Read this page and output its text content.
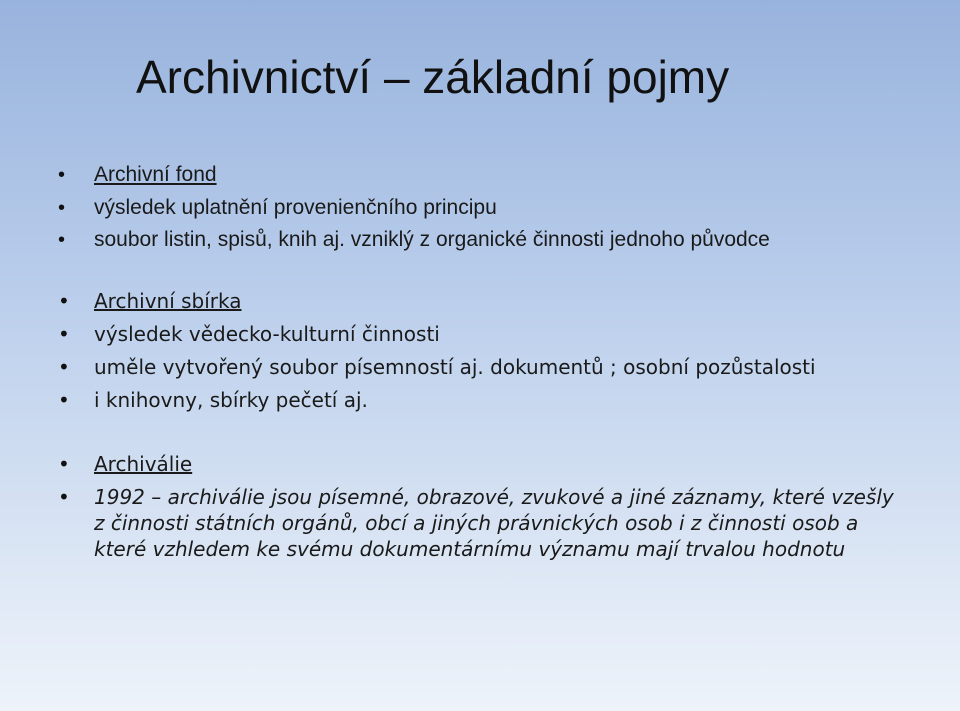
Archivnictví – základní pojmy
• Archivní fond
• výsledek uplatnění provenienčního principu
• soubor listin, spisů, knih aj. vzniklý z organické činnosti jednoho původce
• Archivní sbírka
• výsledek vědecko-kulturní činnosti
• uměle vytvořený soubor písemností aj. dokumentů ; osobní pozůstalosti
• i knihovny, sbírky pečetí aj.
• Archiválie
• 1992 – archiválie jsou písemné, obrazové, zvukové a jiné záznamy, které vzešly z činnosti státních orgánů, obcí a jiných právnických osob i z činnosti osob a které vzhledem ke svému dokumentárnímu významu mají trvalou hodnotu
